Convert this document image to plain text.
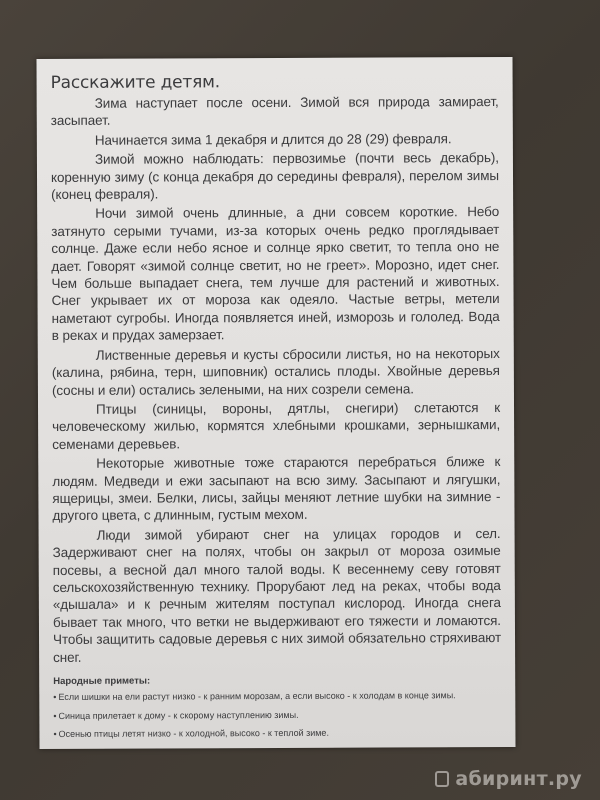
Расскажите детям.

Зима наступает после осени. Зимой вся природа замирает, засыпает.

Начинается зима 1 декабря и длится до 28 (29) февраля.

Зимой можно наблюдать: первозимье (почти весь декабрь), коренную зиму (с конца декабря до середины февраля), перелом зимы (конец февраля).

Ночи зимой очень длинные, а дни совсем короткие. Небо затянуто серыми тучами, из-за которых очень редко проглядывает солнце. Даже если небо ясное и солнце ярко светит, то тепла оно не дает. Говорят «зимой солнце светит, но не греет». Морозно, идет снег. Чем больше выпадает снега, тем лучше для растений и животных. Снег укрывает их от мороза как одеяло. Частые ветры, метели наметают сугробы. Иногда появляется иней, изморозь и гололед. Вода в реках и прудах замерзает.

Лиственные деревья и кусты сбросили листья, но на некоторых (калина, рябина, терн, шиповник) остались плоды. Хвойные деревья (сосны и ели) остались зелеными, на них созрели семена.

Птицы (синицы, вороны, дятлы, снегири) слетаются к человеческому жилью, кормятся хлебными крошками, зернышками, семенами деревьев.

Некоторые животные тоже стараются перебраться ближе к людям. Медведи и ежи засыпают на всю зиму. Засыпают и лягушки, ящерицы, змеи. Белки, лисы, зайцы меняют летние шубки на зимние - другого цвета, с длинным, густым мехом.

Люди зимой убирают снег на улицах городов и сел. Задерживают снег на полях, чтобы он закрыл от мороза озимые посевы, а весной дал много талой воды. К весеннему севу готовят сельскохозяйственную технику. Прорубают лед на реках, чтобы вода «дышала» и к речным жителям поступал кислород. Иногда снега бывает так много, что ветки не выдерживают его тяжести и ломаются. Чтобы защитить садовые деревья с них зимой обязательно стряхивают снег.

Народные приметы:
• Если шишки на ели растут низко - к ранним морозам, а если высоко - к холодам в конце зимы.
• Синица прилетает к дому - к скорому наступлению зимы.
• Осенью птицы летят низко - к холодной, высоко - к теплой зиме.
абиринт.ру
